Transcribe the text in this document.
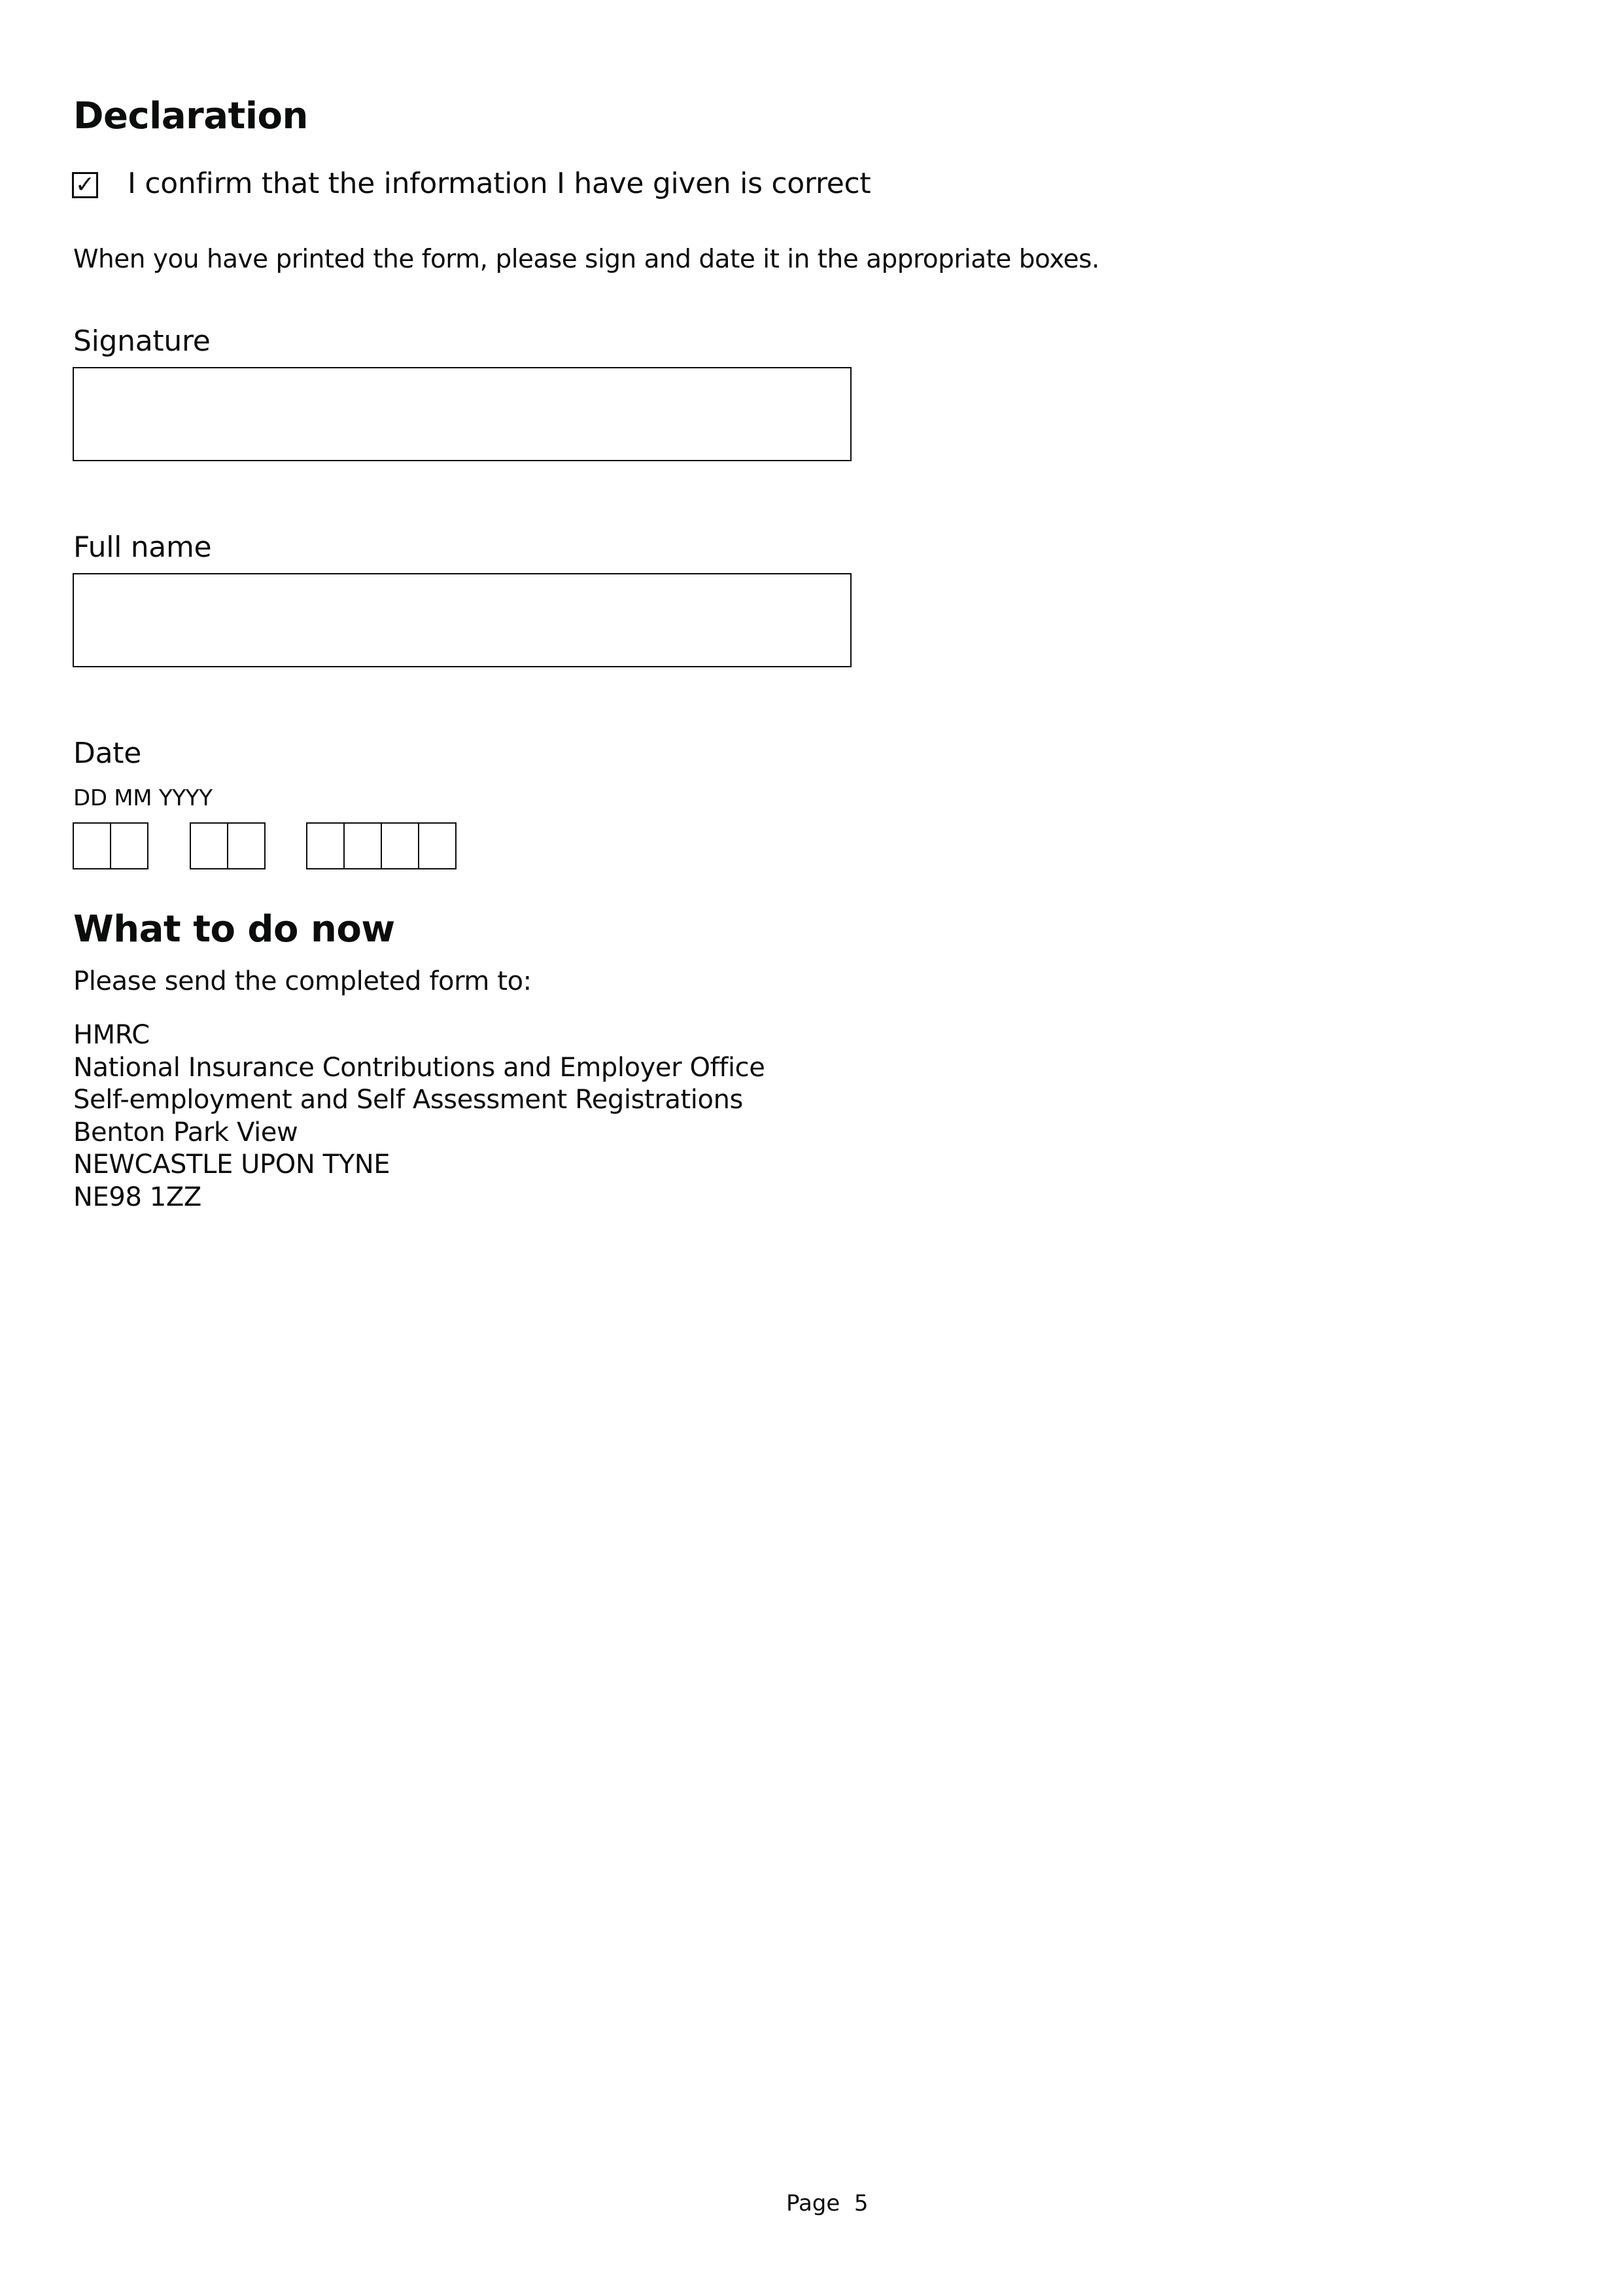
Declaration
✓ I confirm that the information I have given is correct
When you have printed the form, please sign and date it in the appropriate boxes.
Signature
Full name
Date
DD MM YYYY
What to do now
Please send the completed form to:
HMRC
National Insurance Contributions and Employer Office
Self-employment and Self Assessment Registrations
Benton Park View
NEWCASTLE UPON TYNE
NE98 1ZZ
Page  5
